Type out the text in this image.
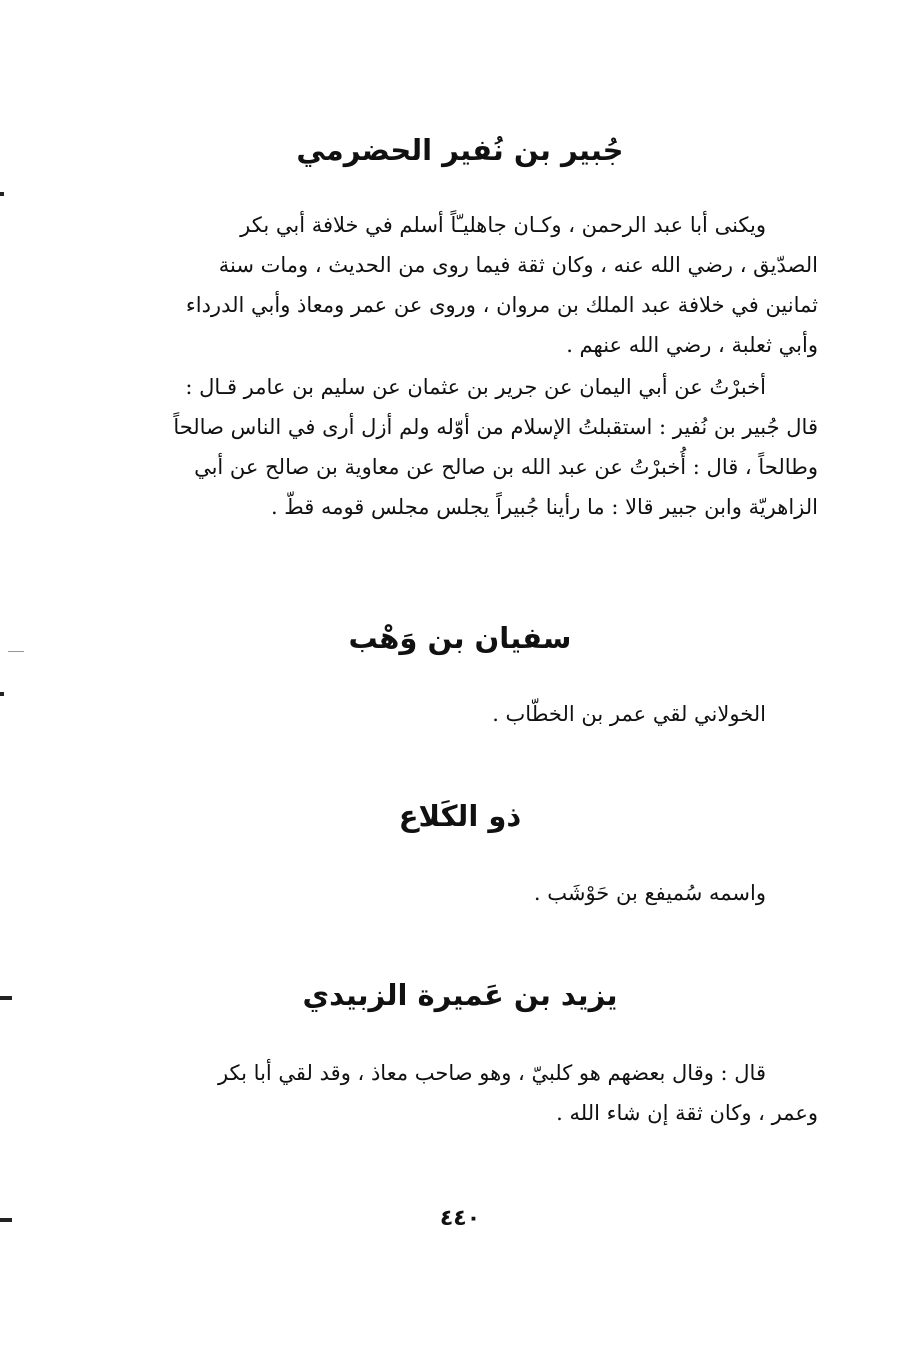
جُبير بن نُفير الحضرمي

ويكنى أبا عبد الرحمن ، وكـان جاهليـّاً أسلم في خلافة أبي بكر
الصدّيق ، رضي الله عنه ، وكان ثقة فيما روى من الحديث ، ومات سنة
ثمانين في خلافة عبد الملك بن مروان ، وروى عن عمر ومعاذ وأبي الدرداء
وأبي ثعلبة ، رضي الله عنهم .

أخبرْتُ عن أبي اليمان عن جرير بن عثمان عن سليم بن عامر قـال :
قال جُبير بن نُفير : استقبلتُ الإسلام من أوّله ولم أزل أرى في الناس صالحاً
وطالحاً ، قال : أُخبرْتُ عن عبد الله بن صالح عن معاوية بن صالح عن أبي
الزاهريّة وابن جبير قالا : ما رأينا جُبيراً يجلس مجلس قومه قطّ .

سفيان بن وَهْب

الخولاني لقي عمر بن الخطّاب .

ذو الكَلاع

واسمه سُميفع بن حَوْشَب .

يزيد بن عَميرة الزبيدي

قال : وقال بعضهم هو كلبيّ ، وهو صاحب معاذ ، وقد لقي أبا بكر
وعمر ، وكان ثقة إن شاء الله .

٤٤٠
